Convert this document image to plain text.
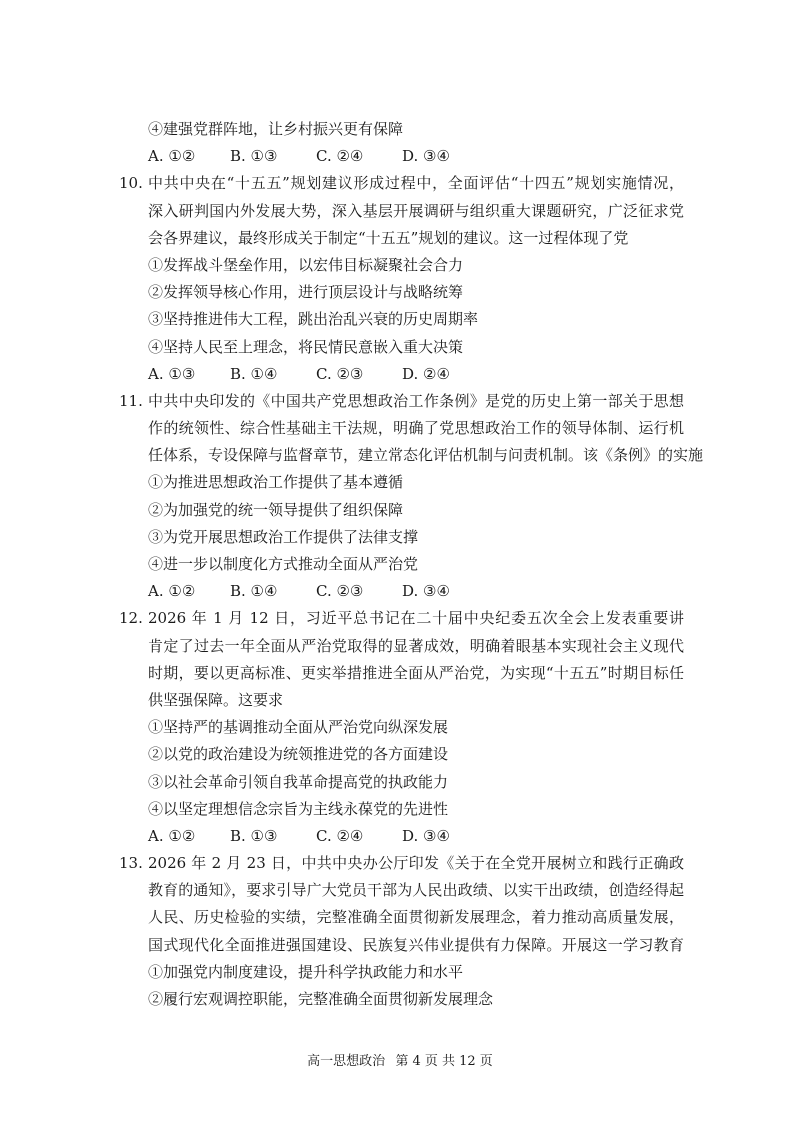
④建强党群阵地，让乡村振兴更有保障
A. ①② B. ①③	C. ②④	D. ③④
10. 中共中央在“十五五”规划建议形成过程中，全面评估“十四五”规划实施情况，
深入研判国内外发展大势，深入基层开展调研与组织重大课题研究，广泛征求党
会各界建议，最终形成关于制定“十五五”规划的建议。这一过程体现了党
①发挥战斗堡垒作用，以宏伟目标凝聚社会合力
②发挥领导核心作用，进行顶层设计与战略统筹
③坚持推进伟大工程，跳出治乱兴衰的历史周期率
④坚持人民至上理念，将民情民意嵌入重大决策
A. ①③ B. ①④	C. ②③	D. ②④
11. 中共中央印发的《中国共产党思想政治工作条例》是党的历史上第一部关于思想
作的统领性、综合性基础主干法规，明确了党思想政治工作的领导体制、运行机
任体系，专设保障与监督章节，建立常态化评估机制与问责机制。该《条例》的实施
①为推进思想政治工作提供了基本遵循
②为加强党的统一领导提供了组织保障
③为党开展思想政治工作提供了法律支撑
④进一步以制度化方式推动全面从严治党
A. ①② B. ①④	C. ②③	D. ③④
12. 2026 年 1 月 12 日，习近平总书记在二十届中央纪委五次全会上发表重要讲
肯定了过去一年全面从严治党取得的显著成效，明确着眼基本实现社会主义现代
时期，要以更高标准、更实举措推进全面从严治党，为实现“十五五”时期目标任
供坚强保障。这要求
①坚持严的基调推动全面从严治党向纵深发展
②以党的政治建设为统领推进党的各方面建设
③以社会革命引领自我革命提高党的执政能力
④以坚定理想信念宗旨为主线永葆党的先进性
A. ①② B. ①③	C. ②④	D. ③④
13. 2026 年 2 月 23 日，中共中央办公厅印发《关于在全党开展树立和践行正确政
教育的通知》，要求引导广大党员干部为人民出政绩、以实干出政绩，创造经得起
人民、历史检验的实绩，完整准确全面贯彻新发展理念，着力推动高质量发展，
国式现代化全面推进强国建设、民族复兴伟业提供有力保障。开展这一学习教育
①加强党内制度建设，提升科学执政能力和水平
②履行宏观调控职能，完整准确全面贯彻新发展理念
高一思想政治 第 4 页 共 12 页
